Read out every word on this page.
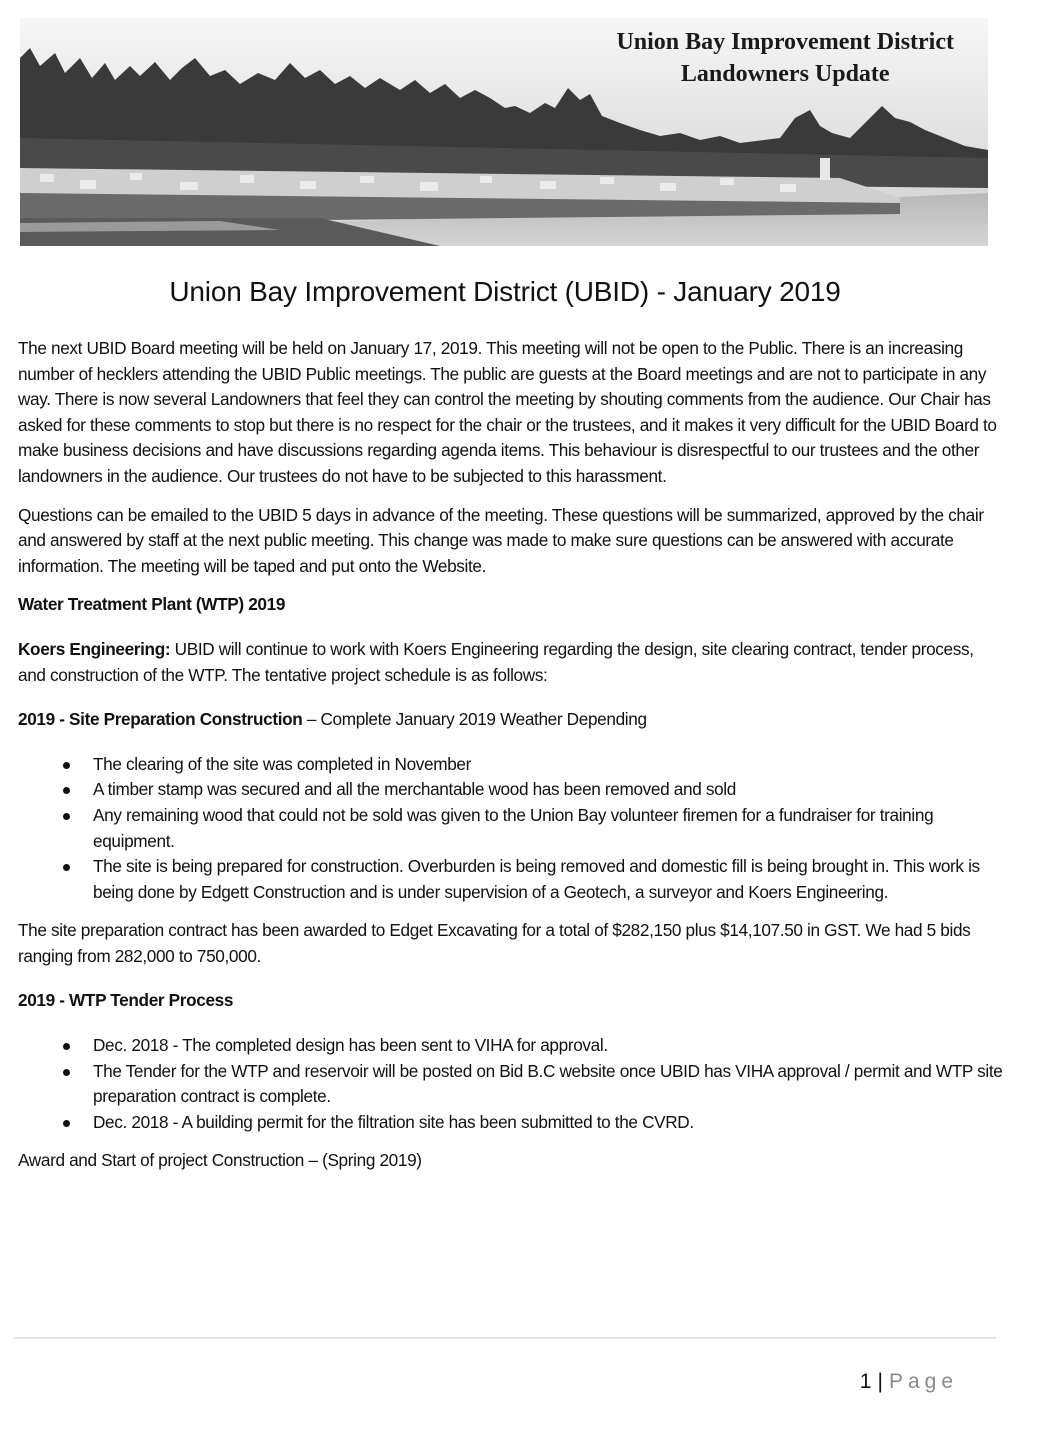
Union Bay Improvement District
Landowners Update
Union Bay Improvement District (UBID) - January 2019

The next UBID Board meeting will be held on January 17, 2019. This meeting will not be open to the Public. There is an increasing number of hecklers attending the UBID Public meetings. The public are guests at the Board meetings and are not to participate in any way. There is now several Landowners that feel they can control the meeting by shouting comments from the audience. Our Chair has asked for these comments to stop but there is no respect for the chair or the trustees, and it makes it very difficult for the UBID Board to make business decisions and have discussions regarding agenda items. This behaviour is disrespectful to our trustees and the other landowners in the audience. Our trustees do not have to be subjected to this harassment.

Questions can be emailed to the UBID 5 days in advance of the meeting. These questions will be summarized, approved by the chair and answered by staff at the next public meeting. This change was made to make sure questions can be answered with accurate information. The meeting will be taped and put onto the Website.

Water Treatment Plant (WTP) 2019

Koers Engineering: UBID will continue to work with Koers Engineering regarding the design, site clearing contract, tender process, and construction of the WTP. The tentative project schedule is as follows:

2019 - Site Preparation Construction – Complete January 2019 Weather Depending

The clearing of the site was completed in November
A timber stamp was secured and all the merchantable wood has been removed and sold
Any remaining wood that could not be sold was given to the Union Bay volunteer firemen for a fundraiser for training equipment.
The site is being prepared for construction. Overburden is being removed and domestic fill is being brought in. This work is being done by Edgett Construction and is under supervision of a Geotech, a surveyor and Koers Engineering.

The site preparation contract has been awarded to Edget Excavating for a total of $282,150 plus $14,107.50 in GST. We had 5 bids ranging from 282,000 to 750,000.

2019 - WTP Tender Process
Dec. 2018 - The completed design has been sent to VIHA for approval.
The Tender for the WTP and reservoir will be posted on Bid B.C website once UBID has VIHA approval / permit and WTP site preparation contract is complete.
Dec. 2018 - A building permit for the filtration site has been submitted to the CVRD.

Award and Start of project Construction – (Spring 2019)

1 | Page
